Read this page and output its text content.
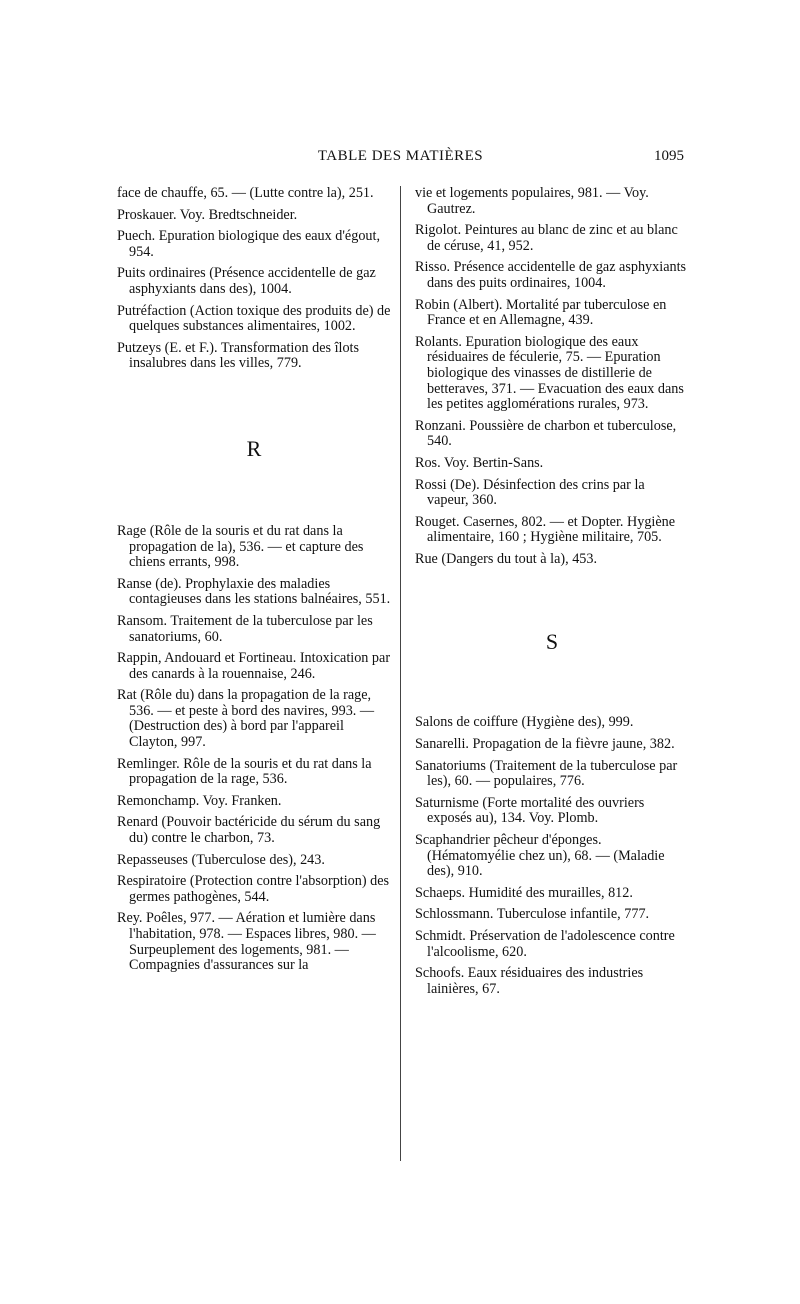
TABLE DES MATIÈRES	1095

face de chauffe, 65. — (Lutte contre la), 251.

Proskauer. Voy. Bredtschneider.

Puech. Epuration biologique des eaux d'égout, 954.

Puits ordinaires (Présence accidentelle de gaz asphyxiants dans des), 1004.

Putréfaction (Action toxique des produits de) de quelques substances alimentaires, 1002.

Putzeys (E. et F.). Transformation des îlots insalubres dans les villes, 779.

R

Rage (Rôle de la souris et du rat dans la propagation de la), 536. — et capture des chiens errants, 998.

Ranse (de). Prophylaxie des maladies contagieuses dans les stations balnéaires, 551.

Ransom. Traitement de la tuberculose par les sanatoriums, 60.

Rappin, Andouard et Fortineau. Intoxication par des canards à la rouennaise, 246.

Rat (Rôle du) dans la propagation de la rage, 536. — et peste à bord des navires, 993. — (Destruction des) à bord par l'appareil Clayton, 997.

Remlinger. Rôle de la souris et du rat dans la propagation de la rage, 536.

Remonchamp. Voy. Franken.

Renard (Pouvoir bactéricide du sérum du sang du) contre le charbon, 73.

Repasseuses (Tuberculose des), 243.

Respiratoire (Protection contre l'absorption) des germes pathogènes, 544.

Rey. Poêles, 977. — Aération et lumière dans l'habitation, 978. — Espaces libres, 980. — Surpeuplement des logements, 981. — Compagnies d'assurances sur la

vie et logements populaires, 981. — Voy. Gautrez.

Rigolot. Peintures au blanc de zinc et au blanc de céruse, 41, 952.

Risso. Présence accidentelle de gaz asphyxiants dans des puits ordinaires, 1004.

Robin (Albert). Mortalité par tuberculose en France et en Allemagne, 439.

Rolants. Epuration biologique des eaux résiduaires de féculerie, 75. — Epuration biologique des vinasses de distillerie de betteraves, 371. — Evacuation des eaux dans les petites agglomérations rurales, 973.

Ronzani. Poussière de charbon et tuberculose, 540.

Ros. Voy. Bertin-Sans.

Rossi (De). Désinfection des crins par la vapeur, 360.

Rouget. Casernes, 802. — et Dopter. Hygiène alimentaire, 160 ; Hygiène militaire, 705.

Rue (Dangers du tout à la), 453.

S

Salons de coiffure (Hygiène des), 999.

Sanarelli. Propagation de la fièvre jaune, 382.

Sanatoriums (Traitement de la tuberculose par les), 60. — populaires, 776.

Saturnisme (Forte mortalité des ouvriers exposés au), 134. Voy. Plomb.

Scaphandrier pêcheur d'éponges. (Hématomyélie chez un), 68. — (Maladie des), 910.

Schaeps. Humidité des murailles, 812.

Schlossmann. Tuberculose infantile, 777.

Schmidt. Préservation de l'adolescence contre l'alcoolisme, 620.

Schoofs. Eaux résiduaires des industries lainières, 67.
